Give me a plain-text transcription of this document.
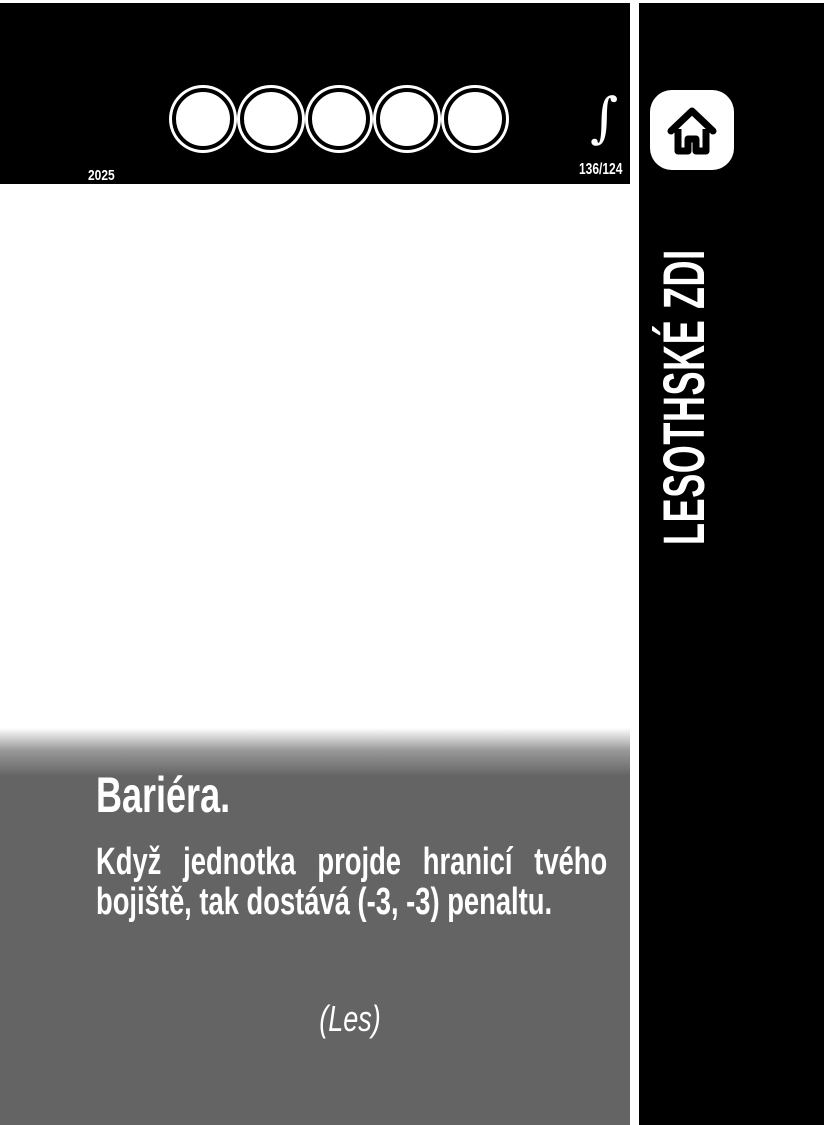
∫
2025	136/124
LESOTHSKÉ ZDI
Bariéra.
Když jednotka projde hranicí tvého
bojiště, tak dostává (-3, -3) penaltu.
(Les)
